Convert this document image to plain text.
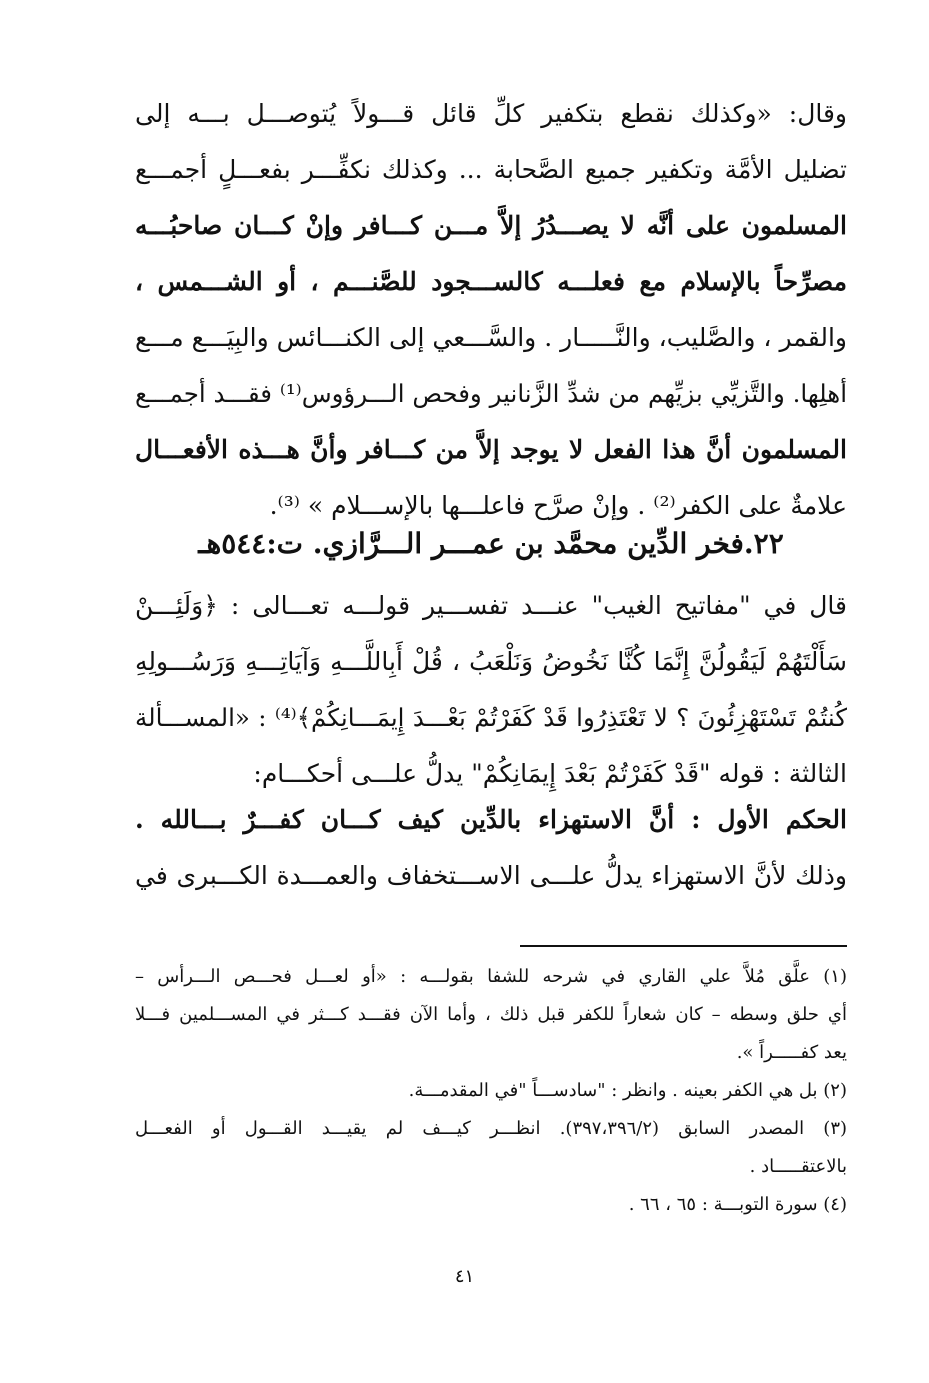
وقال: «وكذلك نقطع بتكفير كلِّ قائل قـــولاً يُتوصـــل بـــه إلى
تضليل الأمَّة وتكفير جميع الصَّحابة ... وكذلك نكفِّـــر بفعـــلٍ أجمـــع
المسلمون على أنَّه لا يصـــدُرُ إلاَّ مـــن كـــافر وإنْ كـــان صاحبُـــه
مصرِّحاً بالإسلام مع فعلـــه كالســـجود للصَّنـــم ، أو الشـــمس ،
والقمر ، والصَّليب، والنَّـــــار . والسَّـــعي إلى الكنـــائس والبِيَـــع مـــع
أهلِها. والتَّزيِّي بزيِّهم من شدِّ الزَّنانير وفحص الـــرؤوس⁽¹⁾ فقـــد أجمـــع
المسلمون أنَّ هذا الفعل لا يوجد إلاَّ من كـــافر وأنَّ هـــذه الأفعـــال
علامةٌ على الكفر⁽²⁾ . وإنْ صرَّح فاعلـــها بالإســـلام » ⁽³⁾.
٢٢.فخر الدِّين محمَّد بن عمـــر الـــرَّازي. ت:٥٤٤هـ
قال في "مفاتيح الغيب" عنـــد تفســـير قولـــه تعـــالى : ﴿وَلَئِـــنْ
سَأَلْتَهُمْ لَيَقُولُنَّ إِنَّمَا كُنَّا نَخُوضُ وَنَلْعَبُ ، قُلْ أَبِاللَّـــهِ وَآيَاتِـــهِ وَرَسُـــولِهِ
كُنتُمْ تَسْتَهْزِئُونَ ؟ لا تَعْتَذِرُوا قَدْ كَفَرْتُمْ بَعْـــدَ إِيمَـــانِكُمْ﴾⁽⁴⁾ : «المســـألة
الثالثة : قوله "قَدْ كَفَرْتُمْ بَعْدَ إِيمَانِكُمْ" يدلُّ علـــى أحكـــام:
الحكم الأول : أنَّ الاستهزاء بالدِّين كيف كـــان كفـــرٌ بـــالله .
وذلك لأنَّ الاستهزاء يدلُّ علـــى الاســـتخفاف والعمـــدة الكـــبرى في
(١) علَّق مُلاَّ علي القاري في شرحه للشفا بقولـــه : «أو لعـــل فحـــص الـــرأس –
أي حلق وسطه – كان شعاراً للكفر قبل ذلك ، وأما الآن فقـــد كـــثر في المســـلمين فـــلا
يعد كفـــــراً ».
(٢) بل هي الكفر بعينه . وانظر : "سادســـاً "في المقدمـــة.
(٣) المصدر السابق (٣٩٧،٣٩٦/٢). انظـــر كيـــف لم يقيـــد القـــول أو الفعـــل
بالاعتقـــــاد .
(٤) سورة التوبـــة : ٦٥ ، ٦٦ .
٤١
